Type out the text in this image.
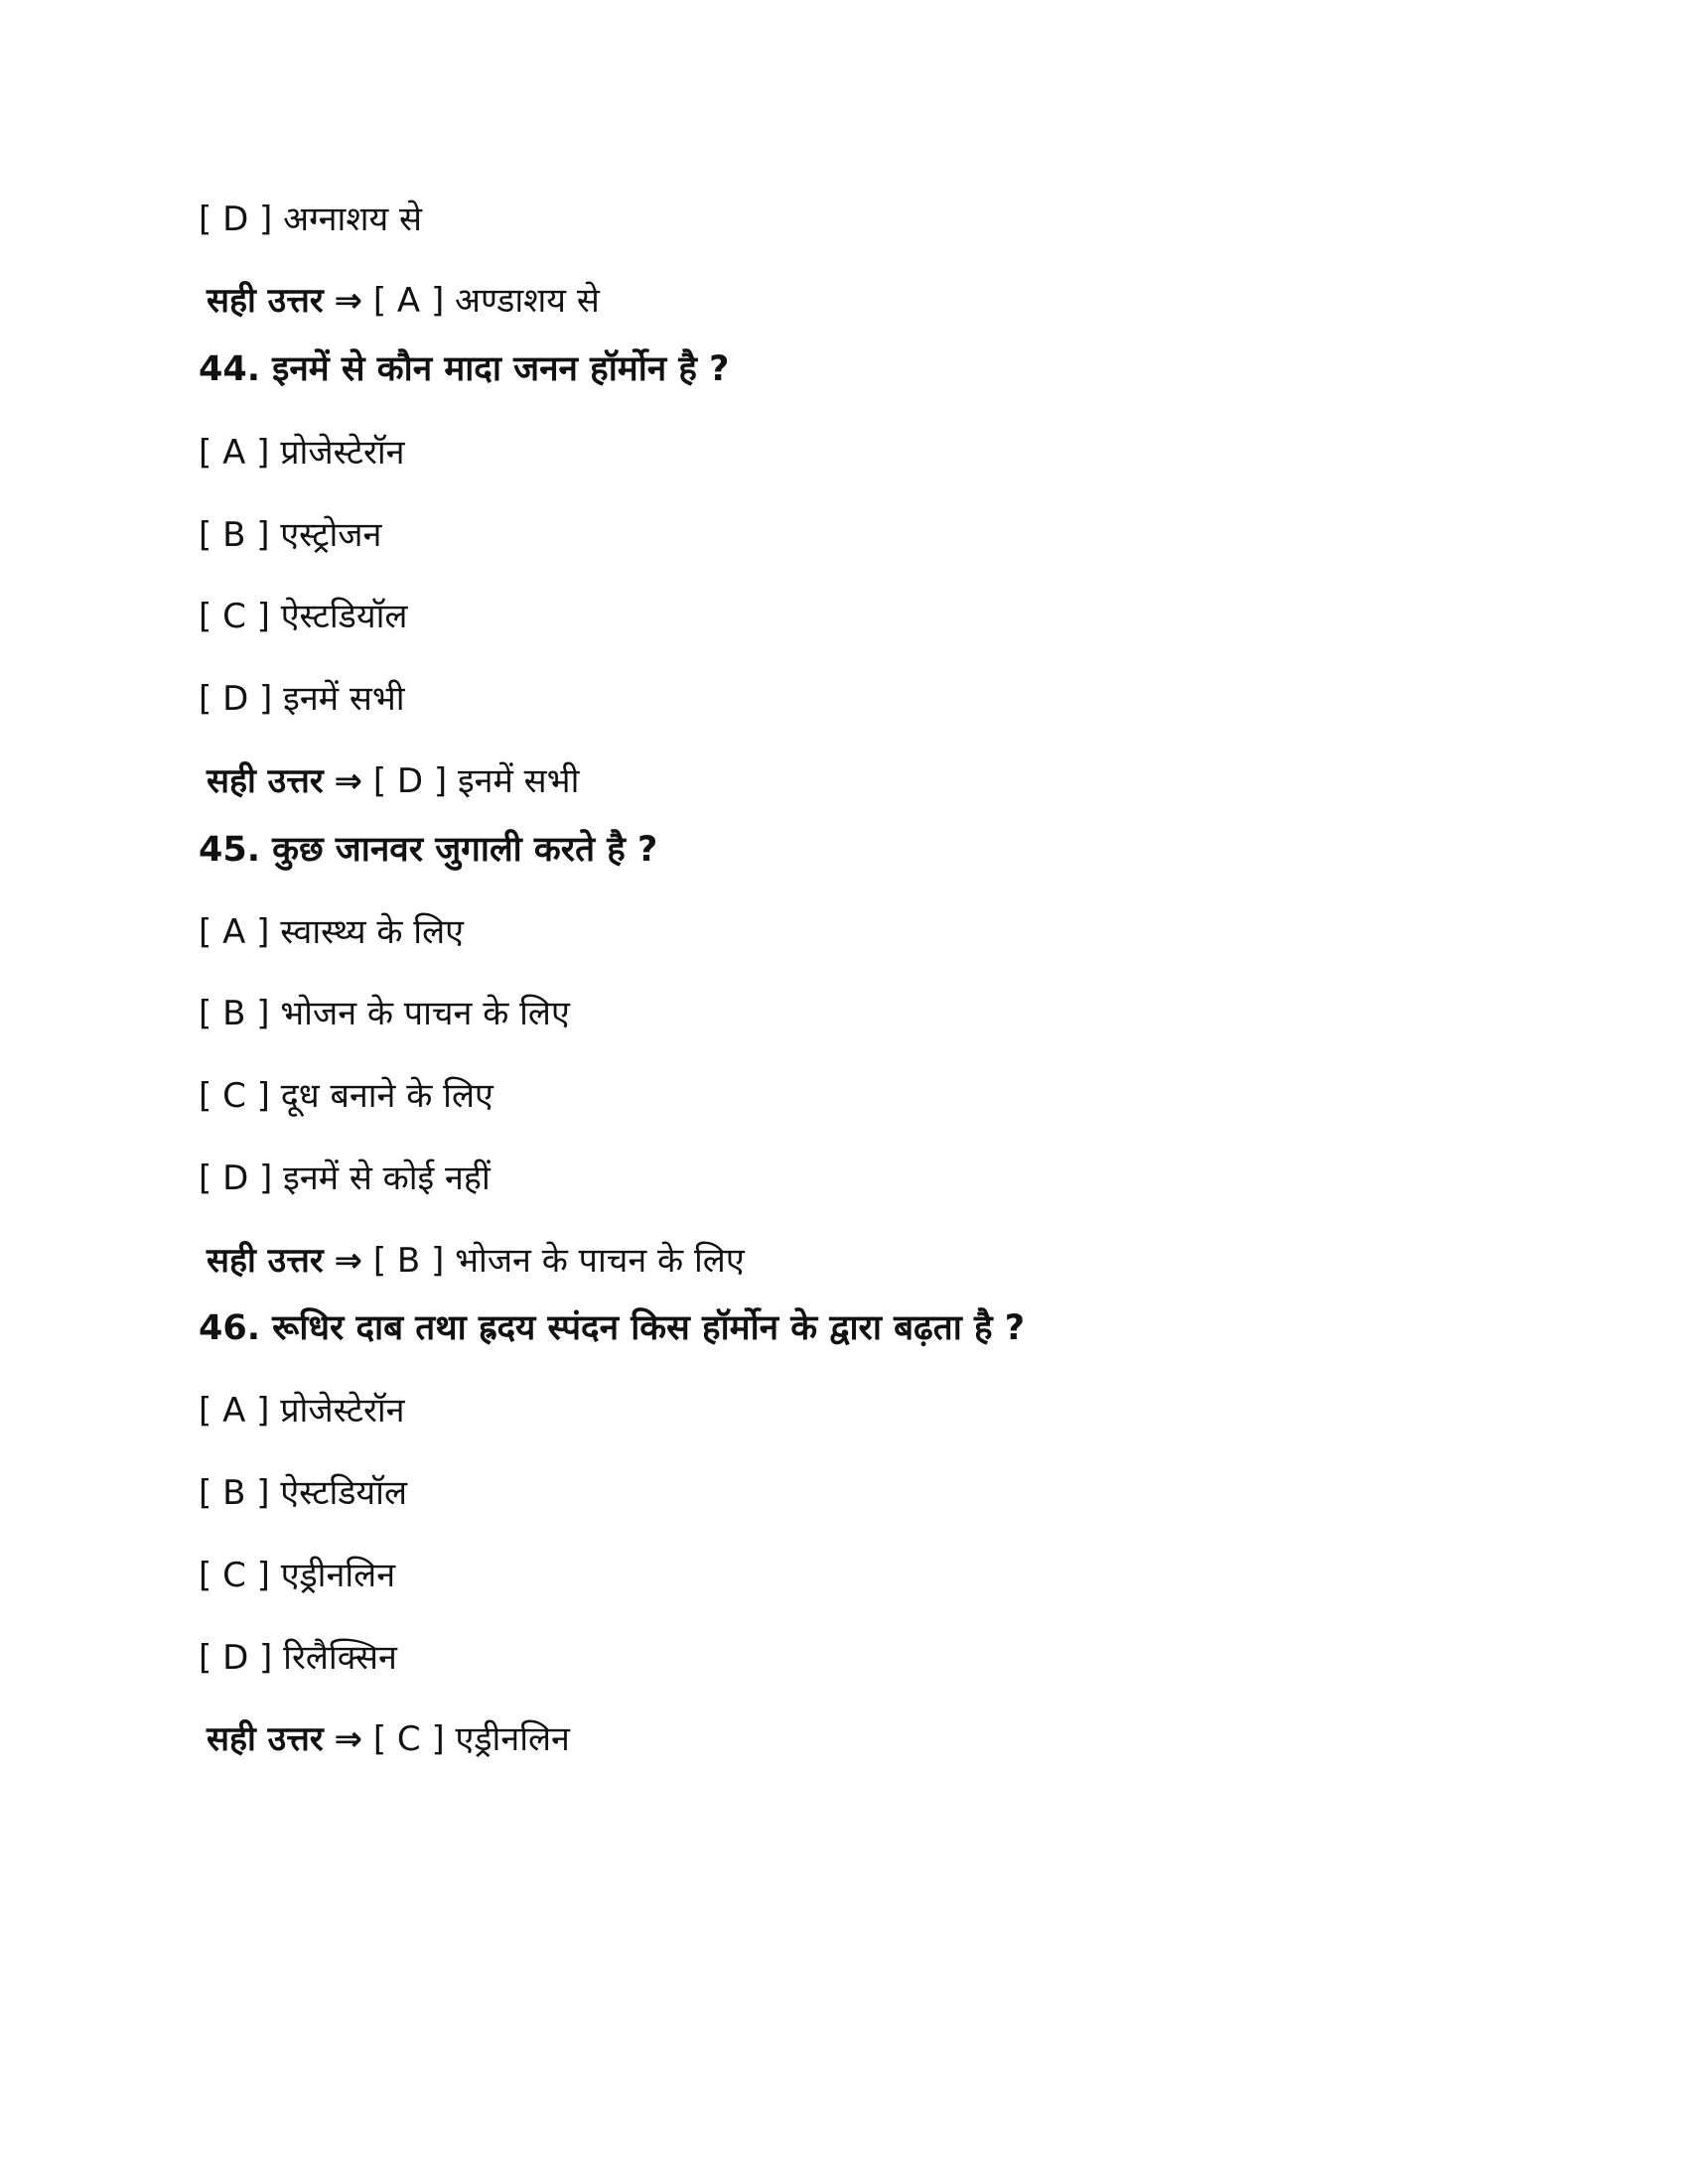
[ D ] अग्नाशय से
सही उत्तर ⇒ [ A ] अण्डाशय से
44. इनमें से कौन मादा जनन हॉर्मोन है ?
[ A ] प्रोजेस्टेरॉन
[ B ] एस्ट्रोजन
[ C ] ऐस्टडियॉल
[ D ] इनमें सभी
सही उत्तर ⇒ [ D ] इनमें सभी
45. कुछ जानवर जुगाली करते है ?
[ A ] स्वास्थ्य के लिए
[ B ] भोजन के पाचन के लिए
[ C ] दूध बनाने के लिए
[ D ] इनमें से कोई नहीं
सही उत्तर ⇒ [ B ] भोजन के पाचन के लिए
46. रूधिर दाब तथा ह्रदय स्पंदन किस हॉर्मोन के द्वारा बढ़ता है ?
[ A ] प्रोजेस्टेरॉन
[ B ] ऐस्टडियॉल
[ C ] एड्रीनलिन
[ D ] रिलैक्सिन
सही उत्तर ⇒ [ C ] एड्रीनलिन
